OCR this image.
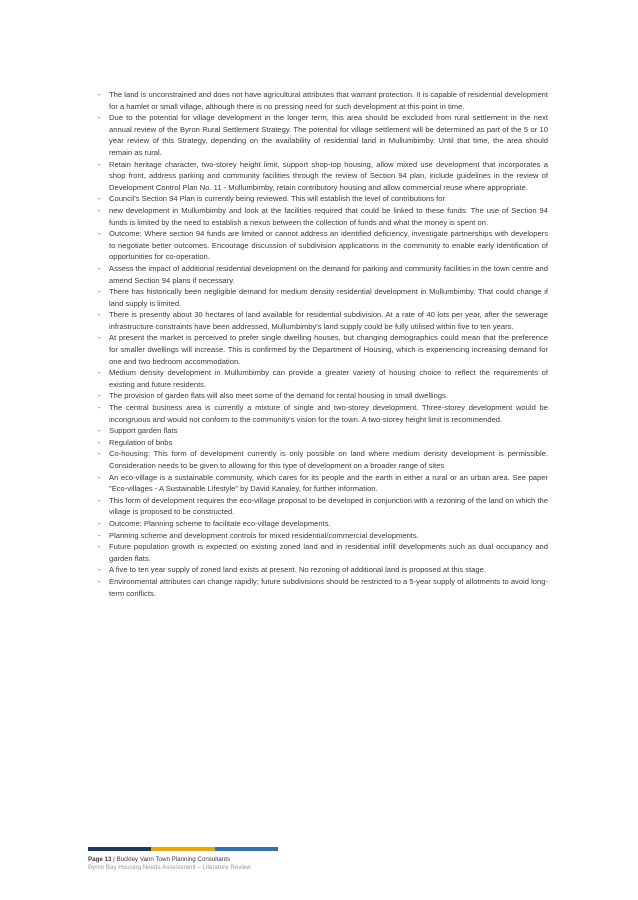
- The land is unconstrained and does not have agricultural attributes that warrant protection. It is capable of residential development for a hamlet or small village, although there is no pressing need for such development at this point in time.
- Due to the potential for village development in the longer term, this area should be excluded from rural settlement in the next annual review of the Byron Rural Settlement Strategy. The potential for village settlement will be determined as part of the 5 or 10 year review of this Strategy, depending on the availability of residential land in Mullumbimby. Until that time, the area should remain as rural.
- Retain heritage character, two-storey height limit, support shop-top housing, allow mixed use development that incorporates a shop front, address parking and community facilities through the review of Section 94 plan, include guidelines in the review of Development Control Plan No. 11 - Mullumbimby, retain contributory housing and allow commercial reuse where appropriate.
- Council's Section 94 Plan is currently being reviewed. This will establish the level of contributions for
- new development in Mullumbimby and look at the facilities required that could be linked to these funds. The use of Section 94 funds is limited by the need to establish a nexus between the collection of funds and what the money is spent on.
- Outcome: Where section 94 funds are limited or cannot address an identified deficiency, investigate partnerships with developers to negotiate better outcomes. Encourage discussion of subdivision applications in the community to enable early identification of opportunities for co-operation.
- Assess the impact of additional residential development on the demand for parking and community facilities in the town centre and amend Section 94 plans if necessary.
- There has historically been negligible demand for medium density residential development in Mullumbimby. That could change if land supply is limited.
- There is presently about 30 hectares of land available for residential subdivision. At a rate of 40 lots per year, after the sewerage infrastructure constraints have been addressed, Mullumbimby's land supply could be fully utilised within five to ten years.
- At present the market is perceived to prefer single dwelling houses, but changing demographics could mean that the preference for smaller dwellings will increase. This is confirmed by the Department of Housing, which is experiencing increasing demand for one and two bedroom accommodation.
- Medium density development in Mullumbimby can provide a greater variety of housing choice to reflect the requirements of existing and future residents.
- The provision of garden flats will also meet some of the demand for rental housing in small dwellings.
- The central business area is currently a mixture of single and two-storey development. Three-storey development would be incongruous and would not conform to the community's vision for the town. A two-storey height limit is recommended.
- Support garden flats
- Regulation of bnbs
- Co-housing: This form of development currently is only possible on land where medium density development is permissible. Consideration needs to be given to allowing for this type of development on a broader range of sites
- An eco-village is a sustainable community, which cares for its people and the earth in either a rural or an urban area. See paper "Eco-villages - A Sustainable Lifestyle" by David Kanaley, for further information.
- This form of development requires the eco-village proposal to be developed in conjunction with a rezoning of the land on which the village is proposed to be constructed.
- Outcome: Planning scheme to facilitate eco-village developments.
- Planning scheme and development controls for mixed residential/commercial developments.
- Future population growth is expected on existing zoned land and in residential infill developments such as dual occupancy and garden flats.
- A five to ten year supply of zoned land exists at present. No rezoning of additional land is proposed at this stage.
- Environmental attributes can change rapidly; future subdivisions should be restricted to a 5-year supply of allotments to avoid long-term conflicts.
Page 13 | Buckley Vann Town Planning Consultants
Byron Bay Housing Needs Assessment – Literature Review
